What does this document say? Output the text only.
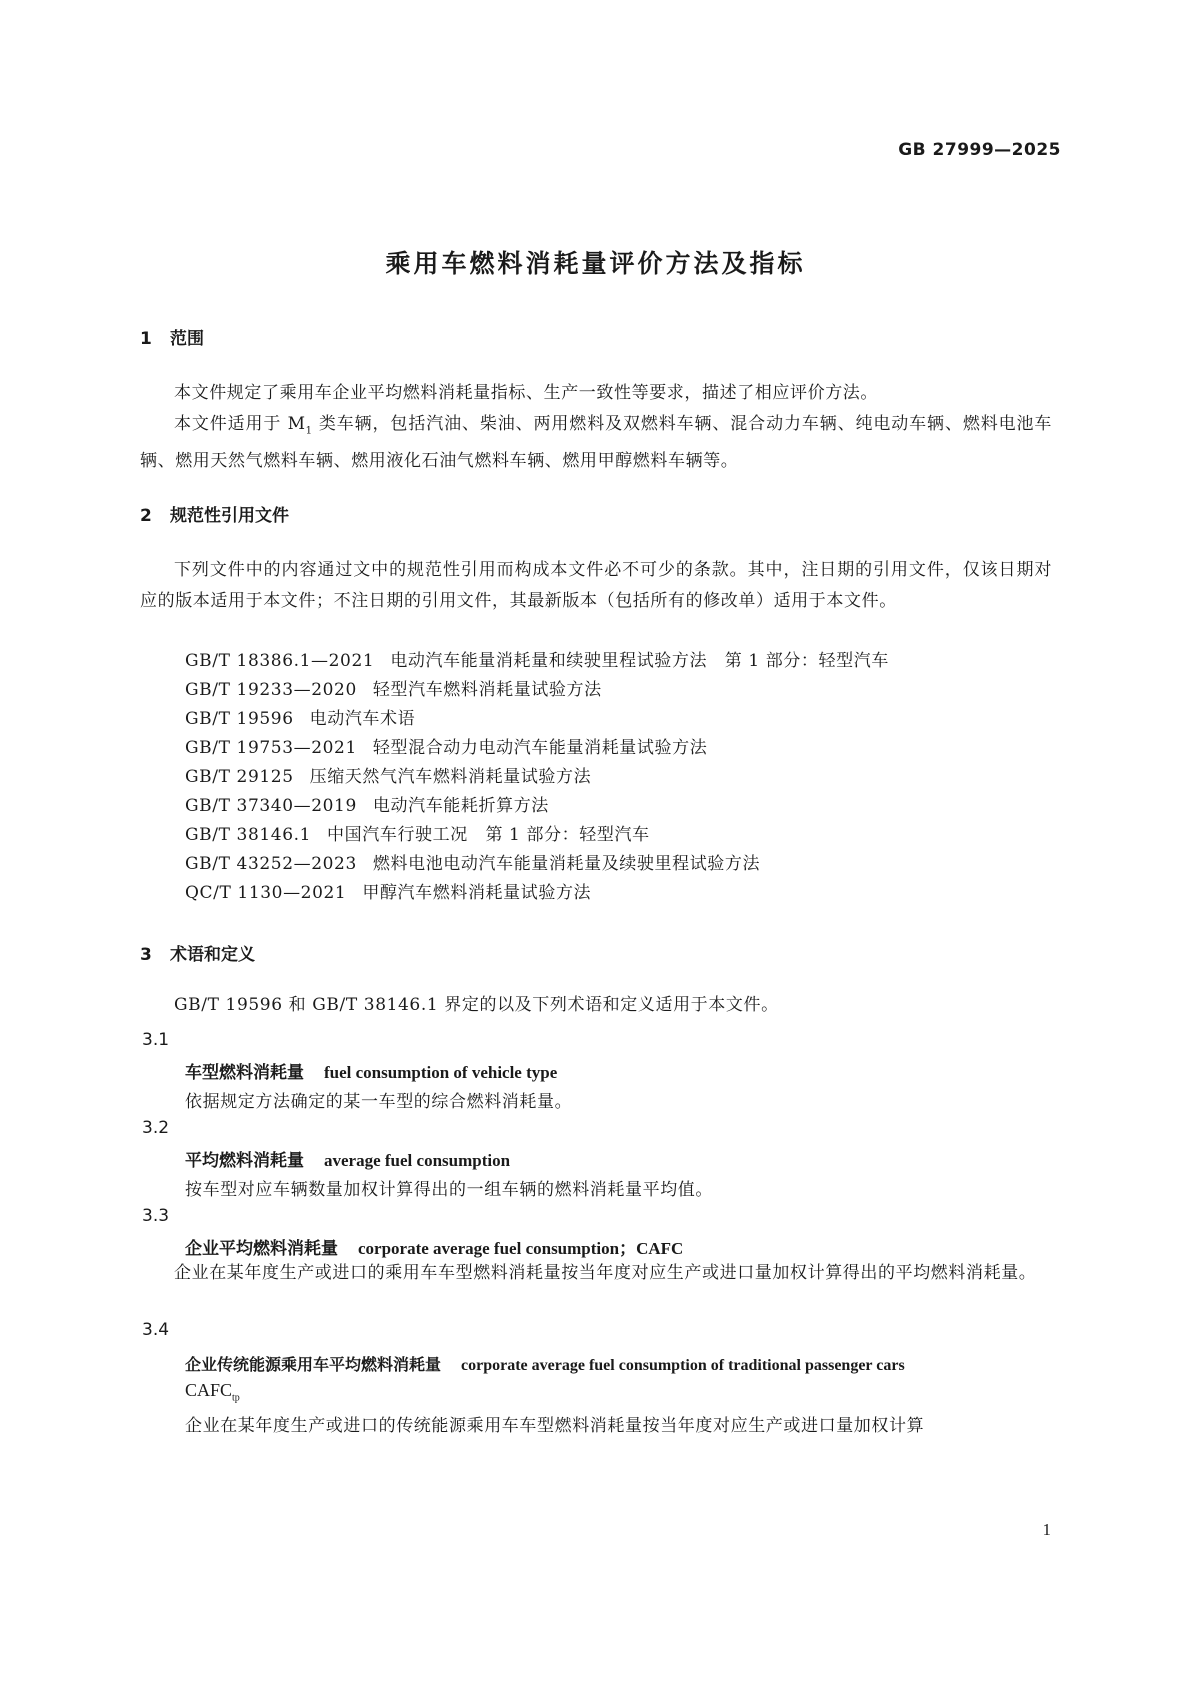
GB 27999—2025
乘用车燃料消耗量评价方法及指标
1 范围
本文件规定了乘用车企业平均燃料消耗量指标、生产一致性等要求，描述了相应评价方法。
本文件适用于 $M_1$ 类车辆，包括汽油、柴油、两用燃料及双燃料车辆、混合动力车辆、纯电动车辆、燃料电池车辆、燃用天然气燃料车辆、燃用液化石油气燃料车辆、燃用甲醇燃料车辆等。
2 规范性引用文件
下列文件中的内容通过文中的规范性引用而构成本文件必不可少的条款。其中，注日期的引用文件，仅该日期对应的版本适用于本文件；不注日期的引用文件，其最新版本（包括所有的修改单）适用于本文件。
GB/T 18386.1—2021 电动汽车能量消耗量和续驶里程试验方法　第 1 部分：轻型汽车
GB/T 19233—2020 轻型汽车燃料消耗量试验方法
GB/T 19596 电动汽车术语
GB/T 19753—2021 轻型混合动力电动汽车能量消耗量试验方法
GB/T 29125 压缩天然气汽车燃料消耗量试验方法
GB/T 37340—2019 电动汽车能耗折算方法
GB/T 38146.1 中国汽车行驶工况　第 1 部分：轻型汽车
GB/T 43252—2023 燃料电池电动汽车能量消耗量及续驶里程试验方法
QC/T 1130—2021 甲醇汽车燃料消耗量试验方法
3 术语和定义
GB/T 19596 和 GB/T 38146.1 界定的以及下列术语和定义适用于本文件。
3.1
车型燃料消耗量 fuel consumption of vehicle type
依据规定方法确定的某一车型的综合燃料消耗量。
3.2
平均燃料消耗量 average fuel consumption
按车型对应车辆数量加权计算得出的一组车辆的燃料消耗量平均值。
3.3
企业平均燃料消耗量 corporate average fuel consumption；CAFC
企业在某年度生产或进口的乘用车车型燃料消耗量按当年度对应生产或进口量加权计算得出的平均燃料消耗量。
3.4
企业传统能源乘用车平均燃料消耗量 corporate average fuel consumption of traditional passenger cars
$CAFC_{tp}$
企业在某年度生产或进口的传统能源乘用车车型燃料消耗量按当年度对应生产或进口量加权计算
1
